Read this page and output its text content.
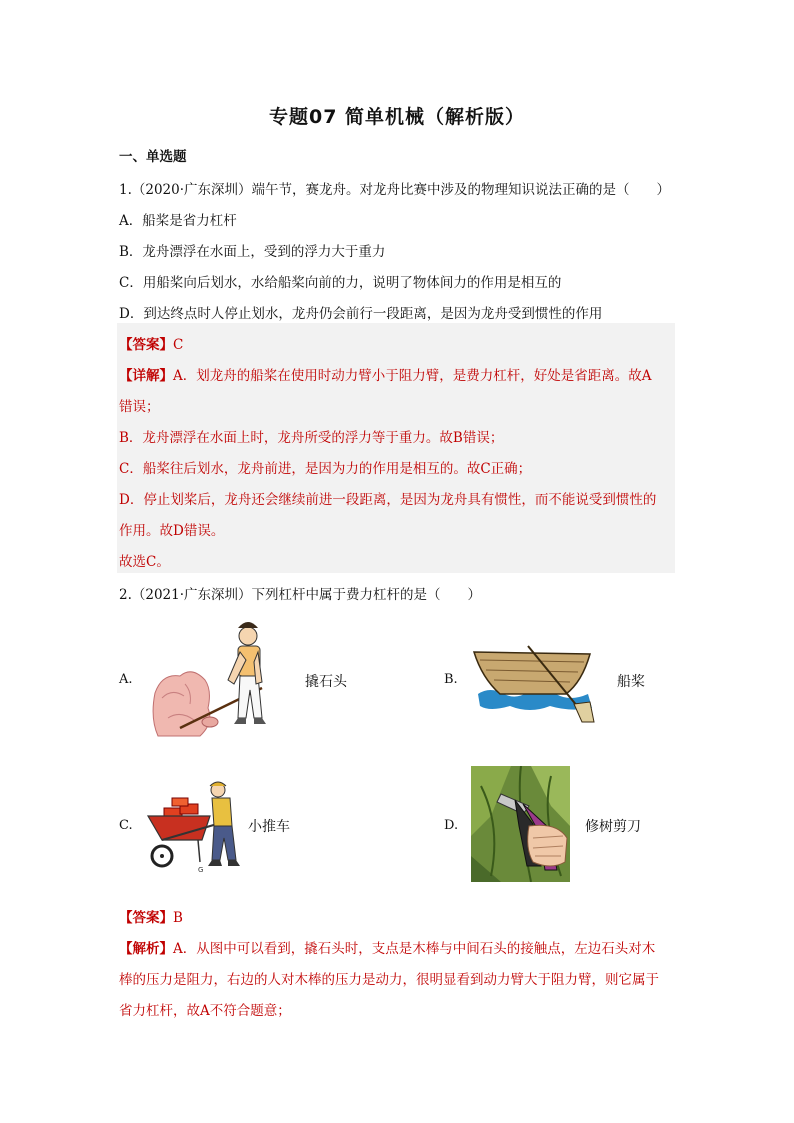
专题07 简单机械（解析版）
一、单选题
1.（2020·广东深圳）端午节，赛龙舟。对龙舟比赛中涉及的物理知识说法正确的是（　　）
A．船桨是省力杠杆
B．龙舟漂浮在水面上，受到的浮力大于重力
C．用船桨向后划水，水给船桨向前的力，说明了物体间力的作用是相互的
D．到达终点时人停止划水，龙舟仍会前行一段距离，是因为龙舟受到惯性的作用
【答案】C
【详解】A．划龙舟的船桨在使用时动力臂小于阻力臂，是费力杠杆，好处是省距离。故A
错误；
B．龙舟漂浮在水面上时，龙舟所受的浮力等于重力。故B错误；
C．船桨往后划水，龙舟前进，是因为力的作用是相互的。故C正确；
D．停止划桨后，龙舟还会继续前进一段距离，是因为龙舟具有惯性，而不能说受到惯性的
作用。故D错误。
故选C。
2.（2021·广东深圳）下列杠杆中属于费力杠杆的是（　　）
A.	撬石头	B.	船桨
C.
G
小推车	D.	修树剪刀
【答案】B
【解析】A．从图中可以看到，撬石头时，支点是木棒与中间石头的接触点，左边石头对木
棒的压力是阻力，右边的人对木棒的压力是动力，很明显看到动力臂大于阻力臂，则它属于
省力杠杆，故A不符合题意；
